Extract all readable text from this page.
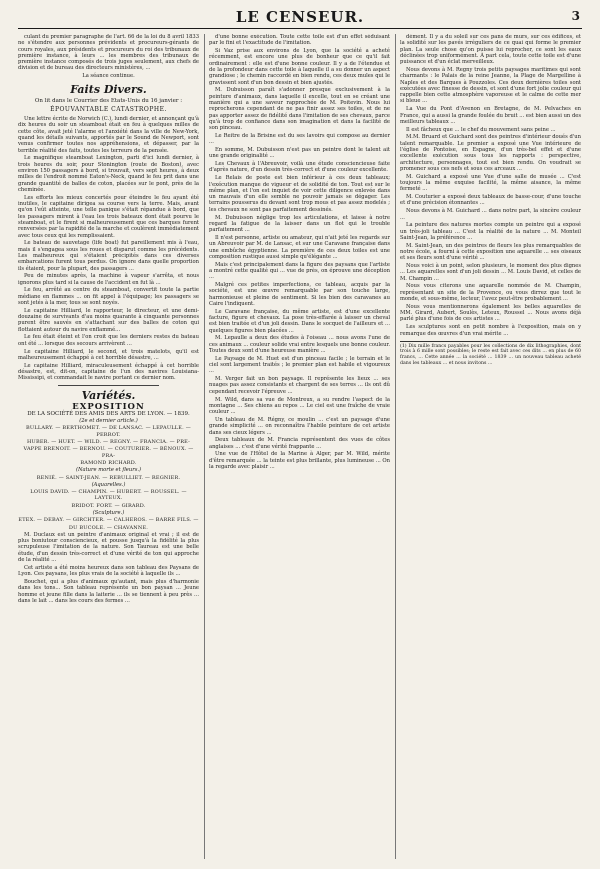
LE CENSEUR.	3

culant du premier paragraphe de l'art. 66 de la loi du 8 avril 1833 ne s'étendre aux personnes prévidents et procureurs-gérants de cours royales, aux présidents et procureurs du roi des tribunaux de première instance, à leurs ... les membres des tribunaux de première instance composés de trois juges seulement, aux chefs de division et de bureau des directeurs ministères, ...

La séance continue.

Faits Divers.
On lit dans le Courrier des Etats-Unis du 16 janvier :
ÉPOUVANTABLE CATASTROPHE.

Une lettre écrite de Norwich (C.), lundi dernier, et annonçant qu'à dix heures du soir un steamboat était en feu à quelques milles de cette côte, avait jeté l'alarme et l'anxiété dans la ville de New-York, quand les détails suivants, apportés par le Sound de Newport, sont venus confirmer toutes nos appréhensions, et dépasser, par la terrible réalité des faits, toutes les terreurs de la pensée.

Le magnifique steamboat Lexington, parti d'ici lundi dernier, à trois heures du soir, pour Stonington (route de Boston), avec environ 150 passagers à bord, si trouvait, vers sept heures, à deux milles de l'endroit nommé Eaton's-Neck, quand le feu prit dans une grande quantité de balles de coton, placées sur le pont, près de la cheminée.

Les efforts les mieux concertés pour éteindre le feu ayant été inutiles, le capitaine dirigea sa course vers la terre. Mais, avant qu'on l'eût atteinte, une telle panique s'était répandue à bord, que les passagers mirent à l'eau les trois bateaux dont était pourvu le steamboat, et le firent si malheureusement que ces barques furent renversées par la rapidité de la marche et coulèrent immédiatement avec tous ceux qui les remplissaient.

Le bateau de sauvetage (life boat) fut pareillement mis à l'eau, mais il s'engagea sous les roues et disparut comme les précédents. Les malheureux qui s'étaient précipités dans ces diverses embarcations furent tous perdus. On ignore dans quelle proportion ils étaient, pour la plupart, des passagers ...

Peu de minutes après, la machine à vapeur s'arrêta, et nous ignorons plus tard si la cause de l'accident en fut là ...

Le feu, arrêté au centre du steamboat, convertit toute la partie médiane en flammes ... on fit appel à l'équipage; les passagers se sont jetés à la mer, tous se sont noyés.

Le capitaine Hilliard, le rapporteur, le directeur, et une demi-douzaine de survivants d'au moins quarante à cinquante personnes purent être sauvés en s'attachant sur des balles de coton qui flottaient autour du navire enflammé...

Le feu était éteint et l'on croit que les derniers restes du bateau ont été ... lorsque des secours arrivèrent ...

Le capitaine Hilliard, le second, et trois matelots, qu'il est malheureusement échappé à cet horrible désastre, ...

Le capitaine Hilliard, miraculeusement échappé à cet horrible désastre, est, dit-on, capitaine de l'un des navires Louisiana-Mississipi, et commandait le navire portant ce dernier nom.

Variétés.
EXPOSITION
DE LA SOCIÉTÉ DES AMIS DES ARTS DE LYON. — 1839.
(2e et dernier article.)
BULLARY. — BERTHOMET. — DE LANSAC. — LEPAULLE. — PERROT.
HUBER. — HUET. — WILD. — REGNY. — FRANCIA. — PRE-
VAPPE BRENOIT. — BERNOU. — COUTURIER. — BÉNOUX. — PRA-
BAMOND RICHARD.
(Nature morte et fleurs.)
RENIÉ. — SAINT-JEAN. — REBULLIET. — REGNIER.
(Aquarelles.)
LOUIS DAVID. — CHAMPIN. — HUBERT. — ROUSSEL. — LAYTEUX.
BRIDOT. FORT. — GIRARD.
(Sculpture.)
ETEX. — DEBAY. — GIRCHTER. — CALHEROS. — BARRE FILS. —
DU BUCOLE. — CHAVANNE.

M. Duclaux est un peintre d'animaux original et vrai ; il est de plus boniutour consciencieux, et pousse jusqu'à la fidélité la plus scrupuleuse l'imitation de la nature. Son Taureau est une belle étude, d'un dessin très-correct et d'une vérité de ton qui approche de la réalité ...

Cet artiste a été moins heureux dans son tableau des Paysans de Lyon. Ces paysans, les plus vrais de la société à laquelle ils ...

Bouchet, qui a plus d'animaux qu'autant, mais plus d'harmonie dans les tons... Son tableau représente un bon paysan ... Jeune homme et jeune fille dans la laiterie ... ils se tiennent à peu près ... dans le lait ... dans les cours des fermes ...

d'une bonne exécution. Toute cette toile est d'un effet séduisant par le fini et l'exactitude de l'imitation.

Si Vaz prise aux environs de Lyon, que la société a acheté récemment, est encore une plus de bonheur que ce qu'il fait ordinairement : elle est d'une bonne couleur. Il y a de l'étendue et de la profondeur dans cette toile à laquelle il a su donner un aspect grandiose ; le chemin raccordé en bien rendu, ces deux mules qui le gravissent sont d'un bon dessin et bien ajustés.

M. Dubuisson paraît s'adonner presque exclusivement à la peinture d'animaux, dans laquelle il excelle, tout en se créant une manière qui a une saveur rapprochée de M. Poitevin. Nous lui reprocherons cependant de ne pas finir assez ses toiles, et de ne pas apporter assez de fidélité dans l'imitation de ses chevaux, parce qu'à trop de confiance dans son imagination et dans la facilité de son pinceau.

Le Reitre de la Brisine est du ses lavoirs qui compose au dernier ...

En somme, M. Dubuisson n'est pas un peintre dont le talent ait une grande originalité ...

Les Chevaux à l'Abreuvoir, voilà une étude consciencieuse faite d'après nature, d'un dessin très-correct et d'une couleur excellente.

Le Relais de poste est bien inférieur à ces deux tableaux; l'exécution manque de vigueur et de solidité de ton. Tout est sur le même plan, et l'on est inquiet de voir cette diligence enlevée dans un mauvais d'un elle semble ne pouvoir jamais se dégager. Les terrains pousserus du devant sont trop mous et pas assez modelés ; les chevaux ne sont pas parfaitement dessinés.

M. Dubuisson néglige trop les articulations, et laisse à notre regard la fatigue de la laisser dans un flot qui le trouble parfaitement ...

Il n'est personne, artiste ou amateur, qui n'ait jeté les regards sur un Abreuvoir par M. de Lansac, et sur une Caravane française dans une embûche égyptienne. La première de ces deux toiles est une composition rustique aussi simple qu'élégante ...

Mais c'est principalement dans la figure des paysans que l'artiste a montré cette qualité qui ... vue de près, on éprouve une déception ...

Malgré ces petites imperfections, ce tableau, acquis par la société, est une œuvre remarquable par son touche large, harmonieuse et pleine de sentiment. Si les bien des caravanes au Caire l'indiquent.

Le Caravane française, du même artiste, est d'une excellente facture, figure et chevaux. La pose très-effarée à laisser un cheval est bien traitée et d'un joli dessin. Dans le socquet de l'ailleurs et ... quelques figures bien placées ...

M. Lepaulle a deux des études à l'oiseau ... nous avons l'une de ces animaux ... couleur solide vrai entre lesquels une bonne couleur. Toutes deux sont d'une heureuse manière ...

Le Paysage de M. Huet est d'un pinceau facile ; le terrain et le ciel sont largement traités ; le premier plan est habile et vigoureux ...

M. Verger fait un bon paysage. Il représente les lieux ... ses nuages pas assez consistants et chargent de ses terres ... ils ont dû cependant recevoir l'épreuve ...

M. Wild, dans sa vue de Montreux, a su rendre l'aspect de la montagne ... Ses chiens au repos ... Le ciel est une fraîche de vraie couleur ...

Un tableau de M. Régny, ce moulin ... c'est un paysage d'une grande simplicité ... on reconnaîtra l'habile peinture de cet artiste dans ses cieux légers ...

Deux tableaux de M. Francia représentent des vues de côtes anglaises ... c'est d'une vérité frappante ...

Une vue de l'Hôtel de la Marine à Alger, par M. Wild, mérite d'être remarquée ... la teinte est plus brillante, plus lumineuse ... On la regarde avec plaisir ...

dément. Il y a du soleil sur ces pans de murs, sur ces édifices, et la solidité sur les pavés irréguliers de ce quai qui forme le premier plan. La seule chose qu'on puisse lui reprocher, ce sont les eaux déclinées trop uniformément. À part cela, toute cette toile est d'une puissance et d'un éclat merveilleux.

Nous devons à M. Regny trois petits paysages maritimes qui sont charmants : le Palais de la reine Jeanne, la Plage de Margelline à Naples et des Barques à Pouzzoles. Ces deux dernières toiles sont exécutées avec finesse de dessin, et sont d'une fort jolie couleur qui rappelle bien cette atmosphère vaporeuse et le calme de cette mer si bleue ...

La Vue du Pont d'Avenon en Bretagne, de M. Pelvaches en France, qui a aussi la grande foulée du bruit ... est bien aussi un des meilleurs tableaux ...

Il est fâcheux que ... le chef du mouvement sans peine ...

M.M. Bruard et Guichard sont des peintres d'intérieur doués d'un talent remarquable. Le premier a exposé une Vue intérieure de l'église de Pontoise, en Espagne, d'un très-bel effet et d'une excellente exécution sous tous les rapports : perspective, architecture, personnages, tout est bien rendu. On voudrait se promener sous ces nefs et sous ces arceaux ...

M. Guichard a exposé une Vue d'une salle de musée ... C'est toujours la même exquise facilité, la même aisance, la même fermeté ...

M. Couturier a exposé deux tableaux de basse-cour, d'une touche et d'une précision étonnantes ...

Nous devons à M. Guichard ... dans notre part, la sincère couleur ...

La peinture des natures mortes compte un peintre qui a exposé un très-joli tableau ... C'est la réalité de la nature ... M. Monteil Saint-Jean, la préférence ...

M. Saint-Jean, un des peintres de fleurs les plus remarquables de notre école, a fourni à cette exposition une aquarelle ... ses oiseaux et ses fleurs sont d'une vérité ...

Nous voici à un point, selon plusieurs, le moment des plus dignes ... Les aquarelles sont d'un joli dessin ... M. Louis David, et celles de M. Champin ...

Nous vous citerons une aquarelle nommée de M. Champin, représentant un site de la Provence, ou vous dirrez que tout le monde, et sous-même, lecteur, l'avez peut-être probablement ...

Nous vous mentionnerons également les belles aquarelles de MM. Girard, Aubert, Soulès, Leteux, Roussel ... Nous avons déjà parlé plus d'une fois de ces artistes ...

Les sculptures sont en petit nombre à l'exposition, mais on y remarque des œuvres d'un vrai mérite ...

(1) Dix mille francs payables pour les collections de dix lithographies, dont trois à 6 mille sont possibles; le reste est fait avec ces dits ... en plus de 60 francs, ... Cette année ... la société ... 1839 ... un nouveau tableau acheté dans les tableaux ... et nous invitons ...
